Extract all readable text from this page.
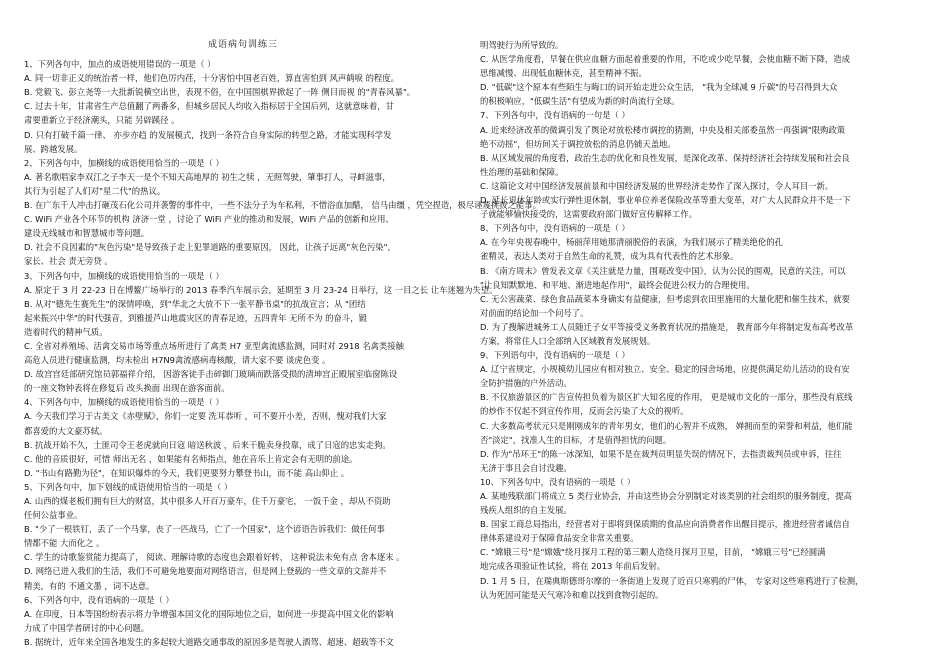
成语病句训练三
1、下列各句中，加点的成语使用错误的一项是（ ）
A. 同一切非正义的统治者一样，他们色厉内荏，十分害怕中国老百姓，算直害怕到 风声鹤唳 的程度。
B. 党毅飞、彭立尧等一大批新锐横空出世，表现不俗，在中国围棋界掀起了一阵 侧目而视 的"青春风暴"。
C. 过去十年，甘肃省生产总值翻了两番多，但城乡居民人均收入指标居于全国后列，这就意味着，甘
肃要重新立于经济潮头，只能 另辟蹊径 。
D. 只有打破千篇一律、 亦步亦趋 的发展模式，找到一条符合自身实际的转型之路，才能实现科学发
展、跨越发展。
2、下列各句中，加横线的成语使用恰当的一项是（ ）
A. 著名歌唱家李双江之子李天一是个不知天高地厚的 初生之犊 ，无照驾驶，肇事打人，寻衅滋事，
其行为引起了人们对"星二代"的热议。
B. 在广东千人冲击打砸茂石化公司并袭警的事件中，一些不法分子为车私利，不惜浴血加醋， 信马由缰 ，凭空捏造，极尽诬蔑挑拨之能事。
C. WiFi 产业各个环节的机构 济济一堂 ，讨论了 WiFi 产业的推动和发展，WiFi 产品的创新和应用、
建设无线城市和智慧城市等问题。
D. 社会不良因素的"灰色污染"是导致孩子走上犯罪道路的重要原因， 因此，让孩子远离"灰色污染"，
家长、社会 责无旁贷 。
3、下列各句中，加横线的成语使用恰当的一项是（ ）
A. 原定于 3 月 22-23 日在博鳌广场举行的 2013 春季汽车展示会，延期至 3 月 23-24 日举行，这 一目之长 让车迷翘为失望。
B. 从对"德先生赛先生"的深情呼唤，到"华北之大放不下一张平静书桌"的抗战宣言；从 "团结
起来振兴中华"的时代强音，到雅援芦山地震灾区的青春足迹，五四青年 无所不为 的奋斗，锻
造着时代的精神气质。
C. 全省对养殖场、活禽交易市场等重点场所进行了禽类 H7 亚型禽流感监测，同时对 2918 名禽类接触
高危人员进行健康监测，均未检出 H7N9禽流感病毒核酸，请大家不要 谈虎色变 。
D. 故宫宫廷部研究馆员郭福祥介绍， 因游客徒手击碎御门玻璃而跌落受损的清坤宫正殿展室临窗陈设
的一座文物钟表将在修复后 改头换面 出现在游客面前。
4、下列各句中，加横线的成语使用恰当的一项是（ ）
A. 今天我们学习于古美文《赤壁赋》，你们一定要 洗耳恭听 ，可不要开小差，否则，愧对我们大家
都喜爱的大文豪苏轼。
B. 抗战开始不久，土匪司令王老虎就向日寇 暗送秋波 ，后来干脆卖身投靠，成了日寇的忠实走狗。
C. 他的音质很好，可惜 师出无名 ，如果能有名师指点，他在音乐上肯定会有无明的前途。
D. "书山有路勤为径"，在知识爆炸的今天，我们更要努力攀登书山，而不能 高山仰止 。
5、下列各句中，加下划线的成语使用恰当的一项是（ ）
A. 山西的煤老板们拥有巨大的财富，其中很多人开百万豪车，住千万豪宅， 一饭千金 ，却从不资助
任何公益事业。
B. "少了一根铁钉，丢了一个马掌，丧了一匹战马，亡了一个国家"，这个谚语告诉我们：做任何事
情都不能 大而化之 。
C. 学生的诗歌鉴赏能力提高了， 阅读、理解诗歌的态度也会跟着好转， 这种说法未免有点 舍本逐末 。
D. 网络已进入我们的生活，我们不可避免地要面对网络语言，但是网上登载的一些文章的文辞并不
精美，有的 不通文墨 ，词不达意。
6、下列各句中，没有语病的一项是（ ）
A. 在印度，日本等国纷纷表示将力争增强本国文化的国际地位之后，如何进一步提高中国文化的影响
力成了中国学者研讨的中心问题。
B. 据统计，近年来全国各地发生的多起较大道路交通事故的原因多是驾驶人酒驾、超速、超载等不文
明驾驶行为所导致的。
C. 从医学角度看，早餐在供应血糖方面起着重要的作用，不吃或少吃早餐，会使血糖不断下降，造成
思维减慢、出现低血糖休克，甚至精神不振。
D. "低碳"这个原本有些陌生与晦口的词开始走进公众生活， "我为全球减 9 斤碳"的号召得到大众
的积极响应，"低碳生活"有望成为新的时尚流行全球。
7、下列各句中，没有语病的一句是（ ）
A. 近来经济改革的微调引发了舆论对放松楼市调控的猜测，中央及相关部委虽然一再强调"限购政策
绝不动摇"，但坊间关于调控放松的消息仍铺天盖地。
B. 从区域发展的角度看，政治生态的优化和良性发展，是深化改革、保持经济社会持续发展和社会良
性治理的基础和保障。
C. 这篇论文对中国经济发展前景和中国经济发展的世界经济走势作了深入探讨，令人耳目一新。
D. 延长退休年龄或实行弹性退休制，事业单位养老保险改革等重大变革，对广大人民群众并不是一下
子就能够愉快接受的，这需要政府部门做好宣传解释工作。
8、下列各句中，没有语病的一项是（ ）
A. 在今年央视春晚中，杨丽萍用她那清丽脱俗的表演，为我们展示了精美绝伦的孔
雀精灵，表达人类对于自然生命的礼赞，成为具有代表性的艺术形象。
B. 《南方周末》曾发表文章《关注就是力量，围观改变中国》，认为公民的围观，民意的关注，可以
"让良知默默地、和平地、渐进地起作用"，最终会促进公权力的合理使用。
C. 无公害蔬菜、绿色食品蔬菜本身确实有益健康，但考虑到农田里施用的大量化肥和催生技术，就要
对前面的结论加一个问号了。
D. 为了搜解进城务工人员随迁子女平等接受义务教育状况的措施是， 教育部今年将制定发布高考改革
方案，将常住人口全部纳入区域教育发展规划。
9、下列语句中，没有语病的一项是（ ）
A. 辽宁省规定，小规模幼儿园应有相对独立、安全、稳定的园舍场地，应提供满足幼儿活动的设有安
全防护措施的户外活动。
B. 不仅旅游景区的广告宣传担负着为景区扩大知名度的作用， 更是城市文化的一部分，那些没有底线
的炒作不仅起不到宣传作用，反而会污染了大众的视听。
C. 大多数高考状元只是刚刚成年的青年男女，他们的心智并不成熟， 婵拥而至的荣誉和利益，他们能
否"淡定"，找准人生的目标，才是值得担忧的问题。
D. 作为"吊环王"的陈一冰深知，如果不是在裁判员明显失误的情况下，去指责裁判员或申诉，往往
无济于事且会自讨没趣。
10、下列各句中，没有语病的一项是（ ）
A. 某地残联部门将成立 5 类行业协会，并由这些协会分别制定对该类别的社会组织的服务制度，提高
残疾人组织的自主发展。
B. 国家工商总局指出，经营者对于即将到保质期的食品应向消费者作出醒目提示，推进经营者诚信自
律体系建设对于保障食品安全非常关重要。
C. "嫦娥三号"是"嫦娥"绕月探月工程的第三颗人造绕月探月卫星，目前， "嫦娥三号"已经圆满
地完成各项验证性试验，将在 2013 年前后发射。
D. 1 月 5 日，在瑞典斯德哥尔摩的一条街道上发现了近百只寒鸦的尸体， 专家对这些寒鸦进行了检测，
认为死因可能是天气寒冷和难以找到食物引起的。
